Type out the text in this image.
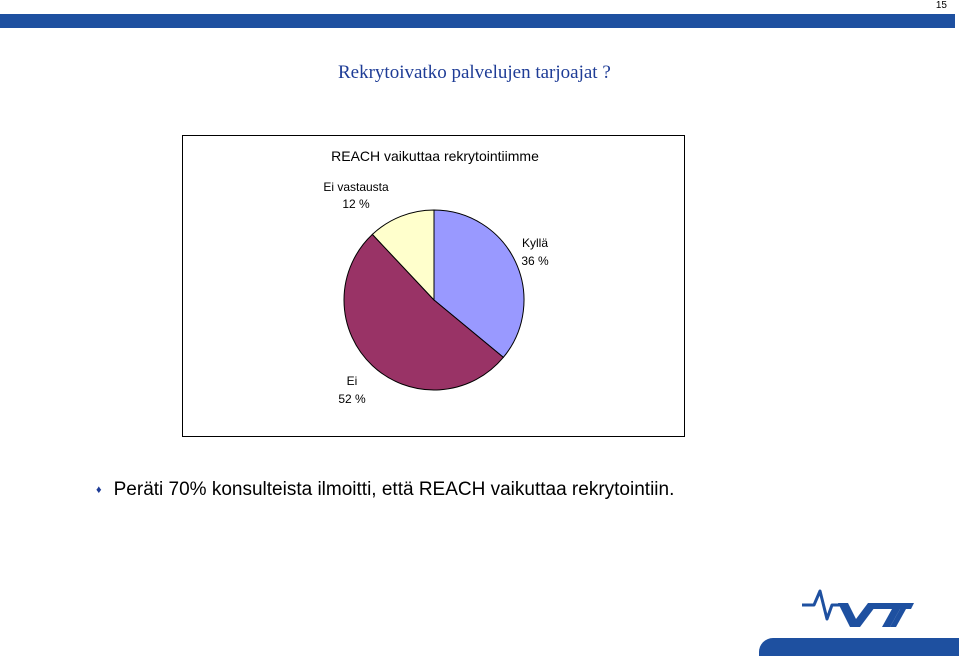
15
Rekrytoivatko palvelujen tarjoajat ?
REACH vaikuttaa rekrytointiimme
Kyllä
36 %
Ei
52 %
Ei vastausta
12 %
♦ Peräti 70% konsulteista ilmoitti, että REACH vaikuttaa rekrytointiin.
